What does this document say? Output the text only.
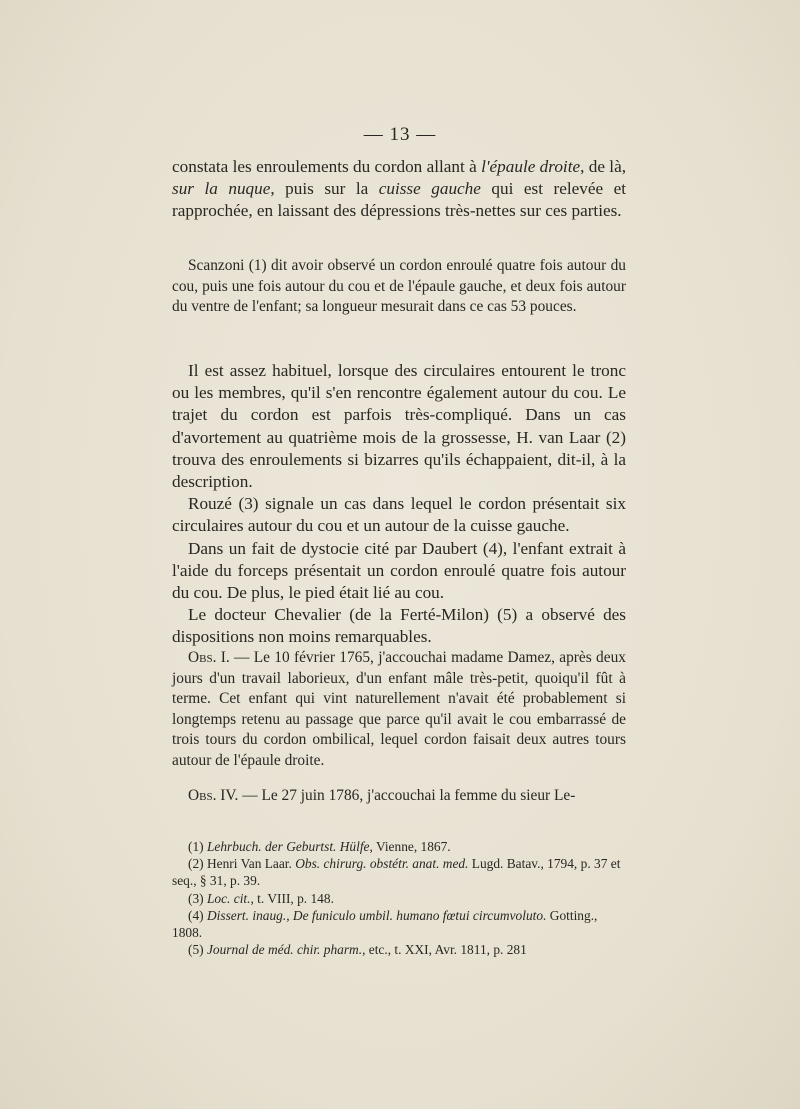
— 13 —

constata les enroulements du cordon allant à l'épaule droite, de là, sur la nuque, puis sur la cuisse gauche qui est relevée et rapprochée, en laissant des dépressions très-nettes sur ces parties.

Scanzoni (1) dit avoir observé un cordon enroulé quatre fois autour du cou, puis une fois autour du cou et de l'épaule gauche, et deux fois autour du ventre de l'enfant; sa longueur mesurait dans ce cas 53 pouces.

Il est assez habituel, lorsque des circulaires entourent le tronc ou les membres, qu'il s'en rencontre également autour du cou. Le trajet du cordon est parfois très-compliqué. Dans un cas d'avortement au quatrième mois de la grossesse, H. van Laar (2) trouva des enroulements si bizarres qu'ils échappaient, dit-il, à la description.

Rouzé (3) signale un cas dans lequel le cordon présentait six circulaires autour du cou et un autour de la cuisse gauche.

Dans un fait de dystocie cité par Daubert (4), l'enfant extrait à l'aide du forceps présentait un cordon enroulé quatre fois autour du cou. De plus, le pied était lié au cou.

Le docteur Chevalier (de la Ferté-Milon) (5) a observé des dispositions non moins remarquables.

Obs. I. — Le 10 février 1765, j'accouchai madame Damez, après deux jours d'un travail laborieux, d'un enfant mâle très-petit, quoiqu'il fût à terme. Cet enfant qui vint naturellement n'avait été probablement si longtemps retenu au passage que parce qu'il avait le cou embarrassé de trois tours du cordon ombilical, lequel cordon faisait deux autres tours autour de l'épaule droite.

Obs. IV. — Le 27 juin 1786, j'accouchai la femme du sieur Le-

(1) Lehrbuch. der Geburtst. Hülfe, Vienne, 1867.

(2) Henri Van Laar. Obs. chirurg. obstétr. anat. med. Lugd. Batav., 1794, p. 37 et seq., § 31, p. 39.

(3) Loc. cit., t. VIII, p. 148.

(4) Dissert. inaug., De funiculo umbil. humano fœtui circumvoluto. Gotting., 1808.

(5) Journal de méd. chir. pharm., etc., t. XXI, Avr. 1811, p. 281
